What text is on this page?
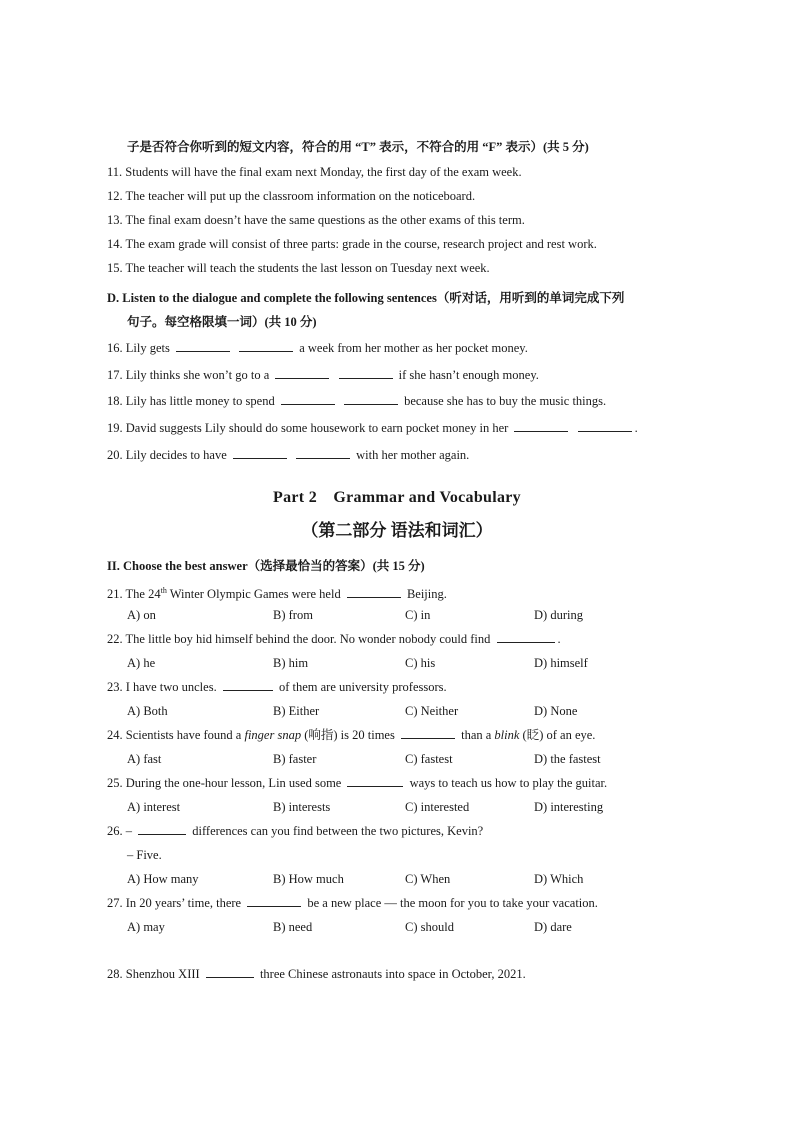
子是否符合你听到的短文内容，符合的用 “T” 表示，不符合的用 “F” 表示）(共 5 分)
11. Students will have the final exam next Monday, the first day of the exam week.
12. The teacher will put up the classroom information on the noticeboard.
13. The final exam doesn’t have the same questions as the other exams of this term.
14. The exam grade will consist of three parts: grade in the course, research project and rest work.
15. The teacher will teach the students the last lesson on Tuesday next week.
D. Listen to the dialogue and complete the following sentences（听对话，用听到的单词完成下列
句子。每空格限填一词）(共 10 分)
16. Lily gets	a week from her mother as her pocket money.
17. Lily thinks she won’t go to a	if she hasn’t enough money.
18. Lily has little money to spend	because she has to buy the music things.
19. David suggests Lily should do some housework to earn pocket money in her	.
20. Lily decides to have	with her mother again.
Part 2　Grammar and Vocabulary
（第二部分 语法和词汇）
II. Choose the best answer（选择最恰当的答案）(共 15 分)
21. The 24th Winter Olympic Games were held	Beijing.
A) on	B) from	C) in	D) during
22. The little boy hid himself behind the door. No wonder nobody could find	.
A) he	B) him	C) his	D) himself
23. I have two uncles.	of them are university professors.
A) Both	B) Either	C) Neither	D) None
24. Scientists have found a finger snap (响指) is 20 times	than a blink (眨) of an eye.
A) fast	B) faster	C) fastest	D) the fastest
25. During the one-hour lesson, Lin used some	ways to teach us how to play the guitar.
A) interest	B) interests	C) interested	D) interesting
26. –	differences can you find between the two pictures, Kevin?
– Five.
A) How many	B) How much	C) When	D) Which
27. In 20 years’ time, there	be a new place — the moon for you to take your vacation.
A) may	B) need	C) should	D) dare
28. Shenzhou XIII	three Chinese astronauts into space in October, 2021.
